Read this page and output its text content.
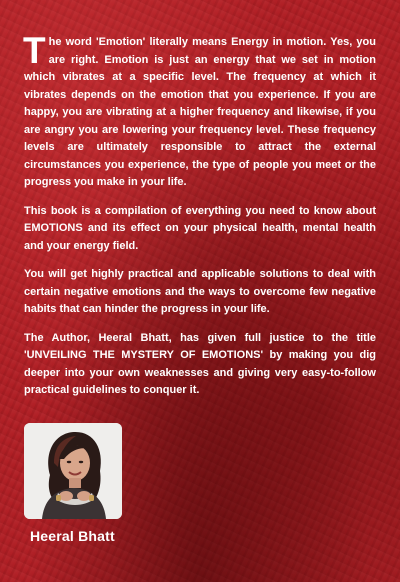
The word 'Emotion' literally means Energy in motion. Yes, you are right. Emotion is just an energy that we set in motion which vibrates at a specific level. The frequency at which it vibrates depends on the emotion that you experience. If you are happy, you are vibrating at a higher frequency and likewise, if you are angry you are lowering your frequency level. These frequency levels are ultimately responsible to attract the external circumstances you experience, the type of people you meet or the progress you make in your life.

This book is a compilation of everything you need to know about EMOTIONS and its effect on your physical health, mental health and your energy field.

You will get highly practical and applicable solutions to deal with certain negative emotions and the ways to overcome few negative habits that can hinder the progress in your life.

The Author, Heeral Bhatt, has given full justice to the title 'UNVEILING THE MYSTERY OF EMOTIONS' by making you dig deeper into your own weaknesses and giving very easy-to-follow practical guidelines to conquer it.

Heeral Bhatt
